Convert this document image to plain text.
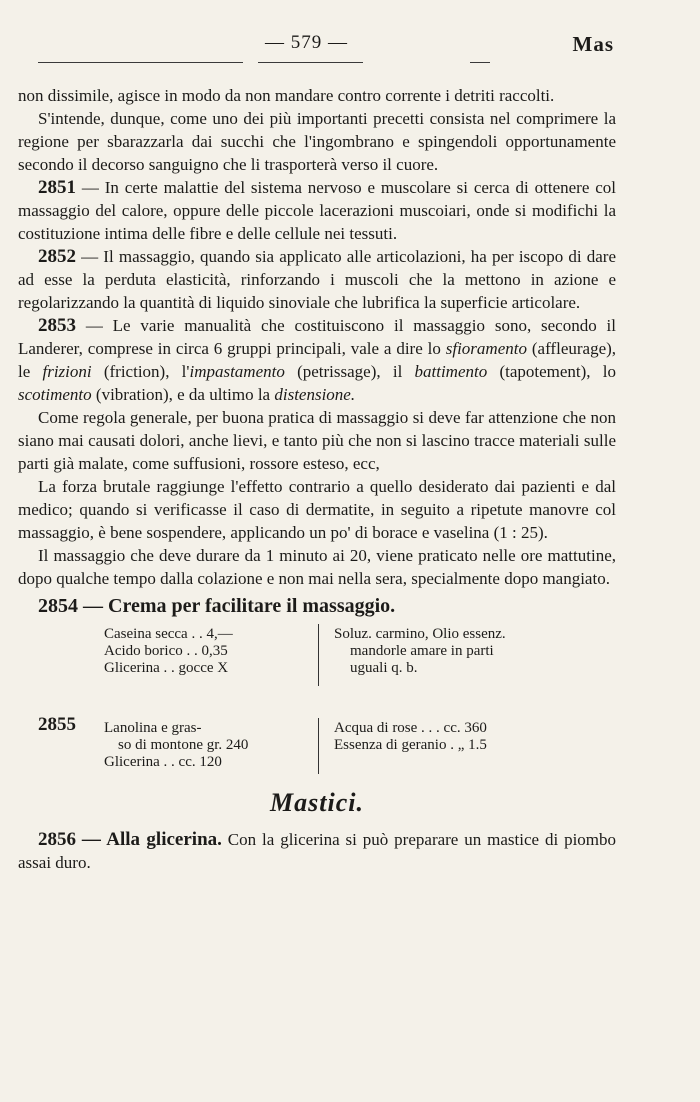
— 579 —	Mas

non dissimile, agisce in modo da non mandare contro corrente i detriti raccolti.

S'intende, dunque, come uno dei più importanti precetti consista nel comprimere la regione per sbarazzarla dai succhi che l'ingombrano e spingendoli opportunamente secondo il decorso sanguigno che li trasporterà verso il cuore.

2851 — In certe malattie del sistema nervoso e muscolare si cerca di ottenere col massaggio del calore, oppure delle piccole lacerazioni muscoiari, onde si modifichi la costituzione intima delle fibre e delle cellule nei tessuti.

2852 — Il massaggio, quando sia applicato alle articolazioni, ha per iscopo di dare ad esse la perduta elasticità, rinforzando i muscoli che la mettono in azione e regolarizzando la quantità di liquido sinoviale che lubrifica la superficie articolare.

2853 — Le varie manualità che costituiscono il massaggio sono, secondo il Landerer, comprese in circa 6 gruppi principali, vale a dire lo sfioramento (affleurage), le frizioni (friction), l'impastamento (petrissage), il battimento (tapotement), lo scotimento (vibration), e da ultimo la distensione.

Come regola generale, per buona pratica di massaggio si deve far attenzione che non siano mai causati dolori, anche lievi, e tanto più che non si lascino tracce materiali sulle parti già malate, come suffusioni, rossore esteso, ecc,

La forza brutale raggiunge l'effetto contrario a quello desiderato dai pazienti e dal medico; quando si verificasse il caso di dermatite, in seguito a ripetute manovre col massaggio, è bene sospendere, applicando un po' di borace e vaselina (1 : 25).

Il massaggio che deve durare da 1 minuto ai 20, viene praticato nelle ore mattutine, dopo qualche tempo dalla colazione e non mai nella sera, specialmente dopo mangiato.

2854 — Crema per facilitare il massaggio.
Caseina secca . . 4,—
Acido borico . . 0,35
Glicerina . . gocce X
Soluz. carmino, Olio essenz.
mandorle amare in parti
uguali q. b.
2855 Lanolina e gras-
so di montone gr. 240
Glicerina . . cc. 120
Acqua di rose . . . cc. 360
Essenza di geranio . „ 1.5
Mastici.

2856 — Alla glicerina. Con la glicerina si può preparare un mastice di piombo assai duro.
